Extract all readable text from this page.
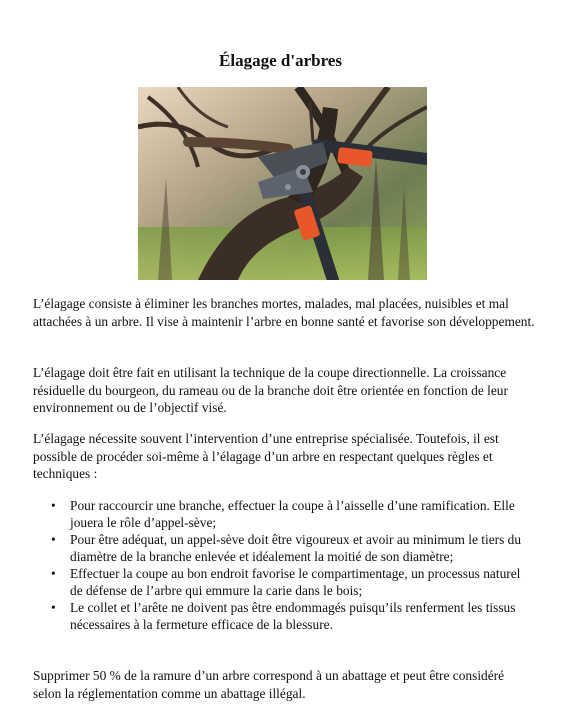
Élagage d'arbres

L’élagage consiste à éliminer les branches mortes, malades, mal placées, nuisibles et mal attachées à un arbre. Il vise à maintenir l’arbre en bonne santé et favorise son développement.

L’élagage doit être fait en utilisant la technique de la coupe directionnelle. La croissance résiduelle du bourgeon, du rameau ou de la branche doit être orientée en fonction de leur environnement ou de l’objectif visé.

L’élagage nécessite souvent l’intervention d’une entreprise spécialisée. Toutefois, il est possible de procéder soi-même à l’élagage d’un arbre en respectant quelques règles et techniques :

• Pour raccourcir une branche, effectuer la coupe à l’aisselle d’une ramification. Elle jouera le rôle d’appel-sève;
• Pour être adéquat, un appel-sève doit être vigoureux et avoir au minimum le tiers du diamètre de la branche enlevée et idéalement la moitié de son diamètre;
• Effectuer la coupe au bon endroit favorise le compartimentage, un processus naturel de défense de l’arbre qui emmure la carie dans le bois;
• Le collet et l’arête ne doivent pas être endommagés puisqu’ils renferment les tissus nécessaires à la fermeture efficace de la blessure.

Supprimer 50 % de la ramure d’un arbre correspond à un abattage et peut être considéré selon la réglementation comme un abattage illégal.
